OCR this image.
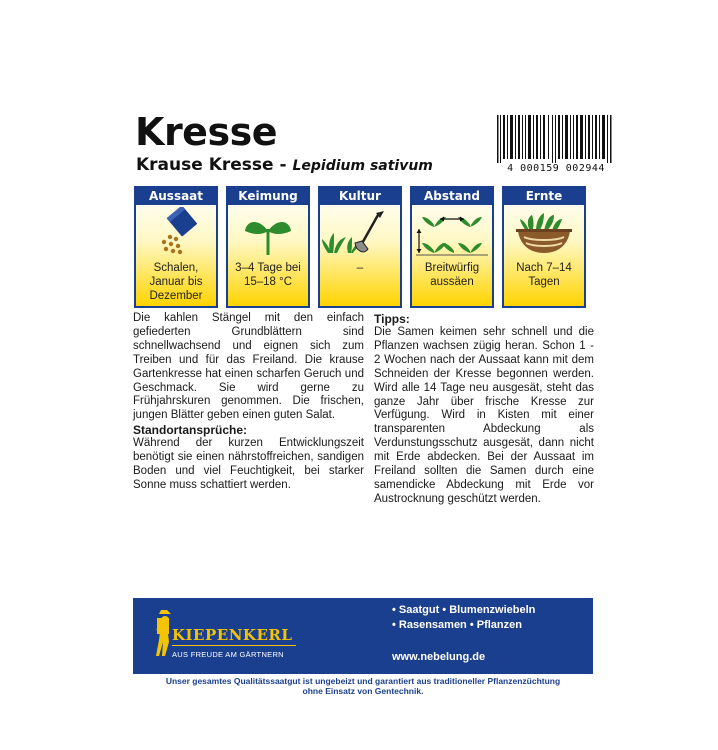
Kresse
Krause Kresse - Lepidium sativum	4 000159 002944
Aussaat
Schalen, Januar bis Dezember
Keimung
3–4 Tage bei 15–18 °C
Kultur
–
Abstand
Breitwürfig aussäen
Ernte
Nach 7–14 Tagen

Die kahlen Stängel mit den einfach gefiederten Grundblättern sind schnellwachsend und eignen sich zum Treiben und für das Freiland. Die krause Gartenkresse hat einen scharfen Geruch und Geschmack. Sie wird gerne zu Frühjahrskuren genommen. Die frischen, jungen Blätter geben einen guten Salat.

Standortansprüche:

Während der kurzen Entwicklungszeit benötigt sie einen nährstoffreichen, sandigen Boden und viel Feuchtigkeit, bei starker Sonne muss schattiert werden.

Tipps:

Die Samen keimen sehr schnell und die Pflanzen wachsen zügig heran. Schon 1 - 2 Wochen nach der Aussaat kann mit dem Schneiden der Kresse begonnen werden. Wird alle 14 Tage neu ausgesät, steht das ganze Jahr über frische Kresse zur Verfügung. Wird in Kisten mit einer transparenten Abdeckung als Verdunstungsschutz ausgesät, dann nicht mit Erde abdecken. Bei der Aussaat im Freiland sollten die Samen durch eine samendicke Abdeckung mit Erde vor Austrocknung geschützt werden.

KIEPENKERL
AUS FREUDE AM GÄRTNERN
• Saatgut • Blumenzwiebeln
• Rasensamen • Pflanzen
www.nebelung.de
Unser gesamtes Qualitätssaatgut ist ungebeizt und garantiert aus traditioneller Pflanzenzüchtung
ohne Einsatz von Gentechnik.
